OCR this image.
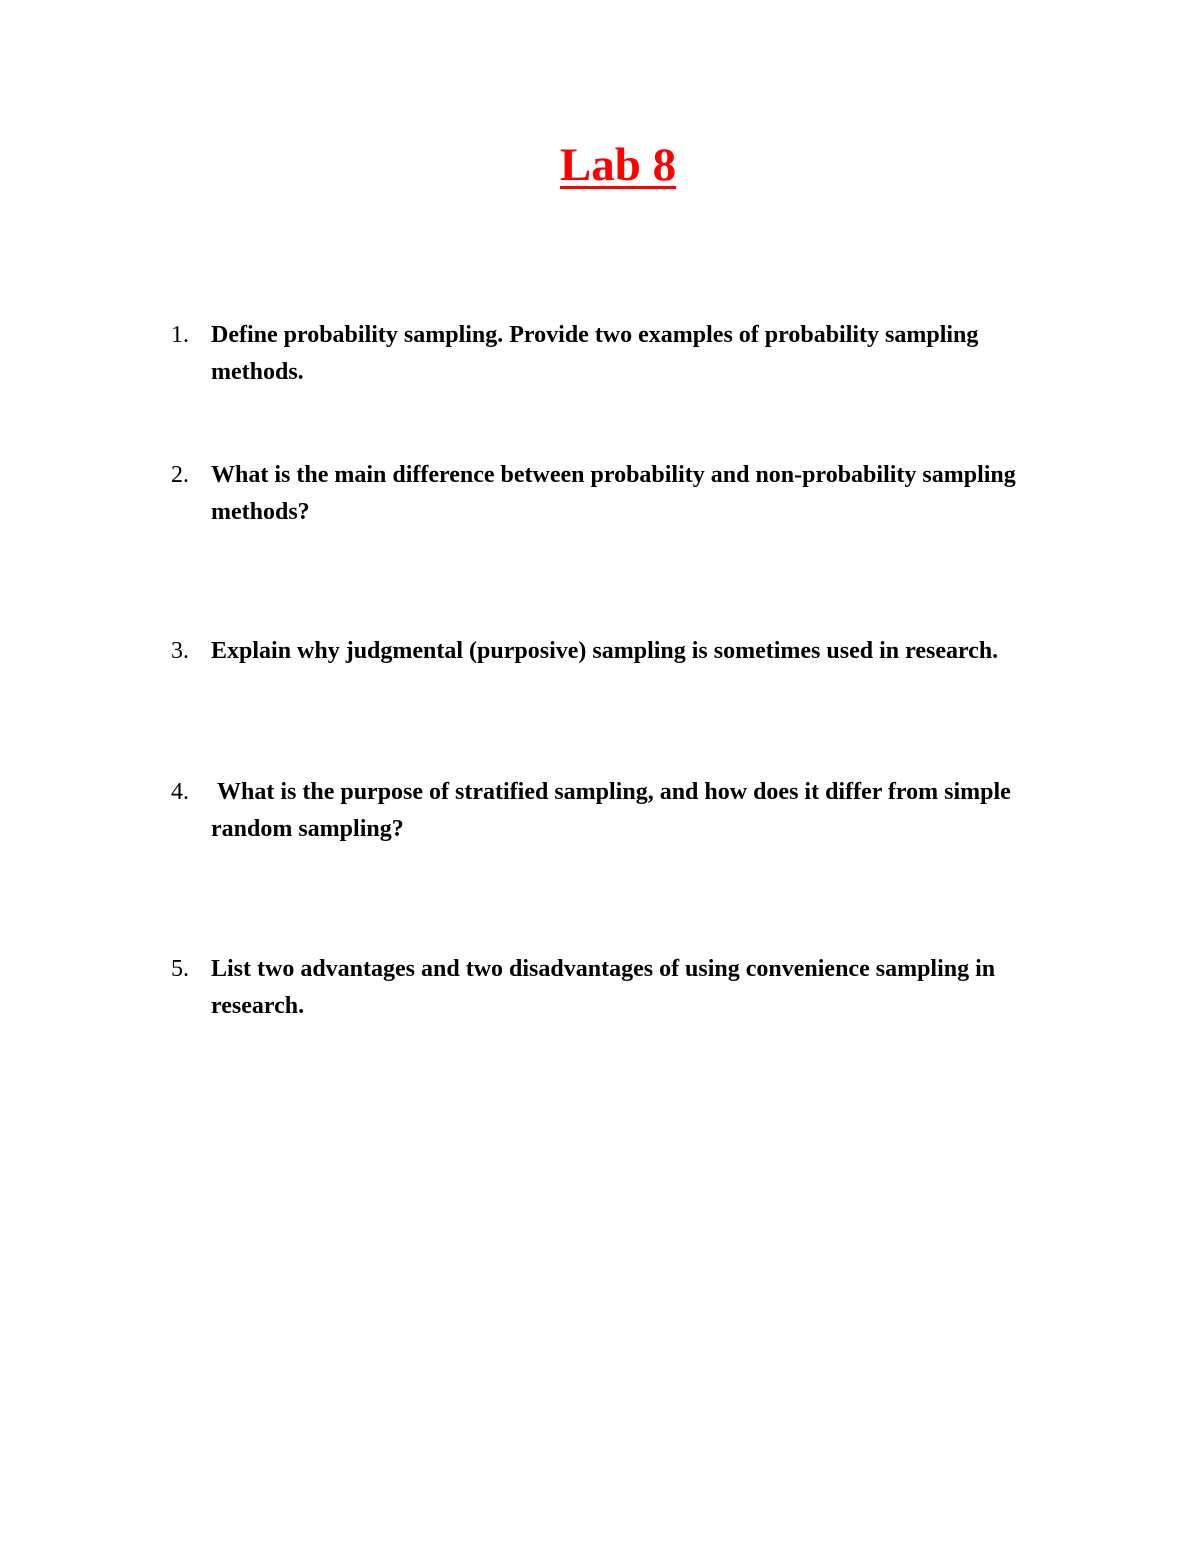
Lab 8
1. Define probability sampling. Provide two examples of probability sampling methods.
2. What is the main difference between probability and non-probability sampling methods?
3. Explain why judgmental (purposive) sampling is sometimes used in research.
4. What is the purpose of stratified sampling, and how does it differ from simple random sampling?
5. List two advantages and two disadvantages of using convenience sampling in research.
